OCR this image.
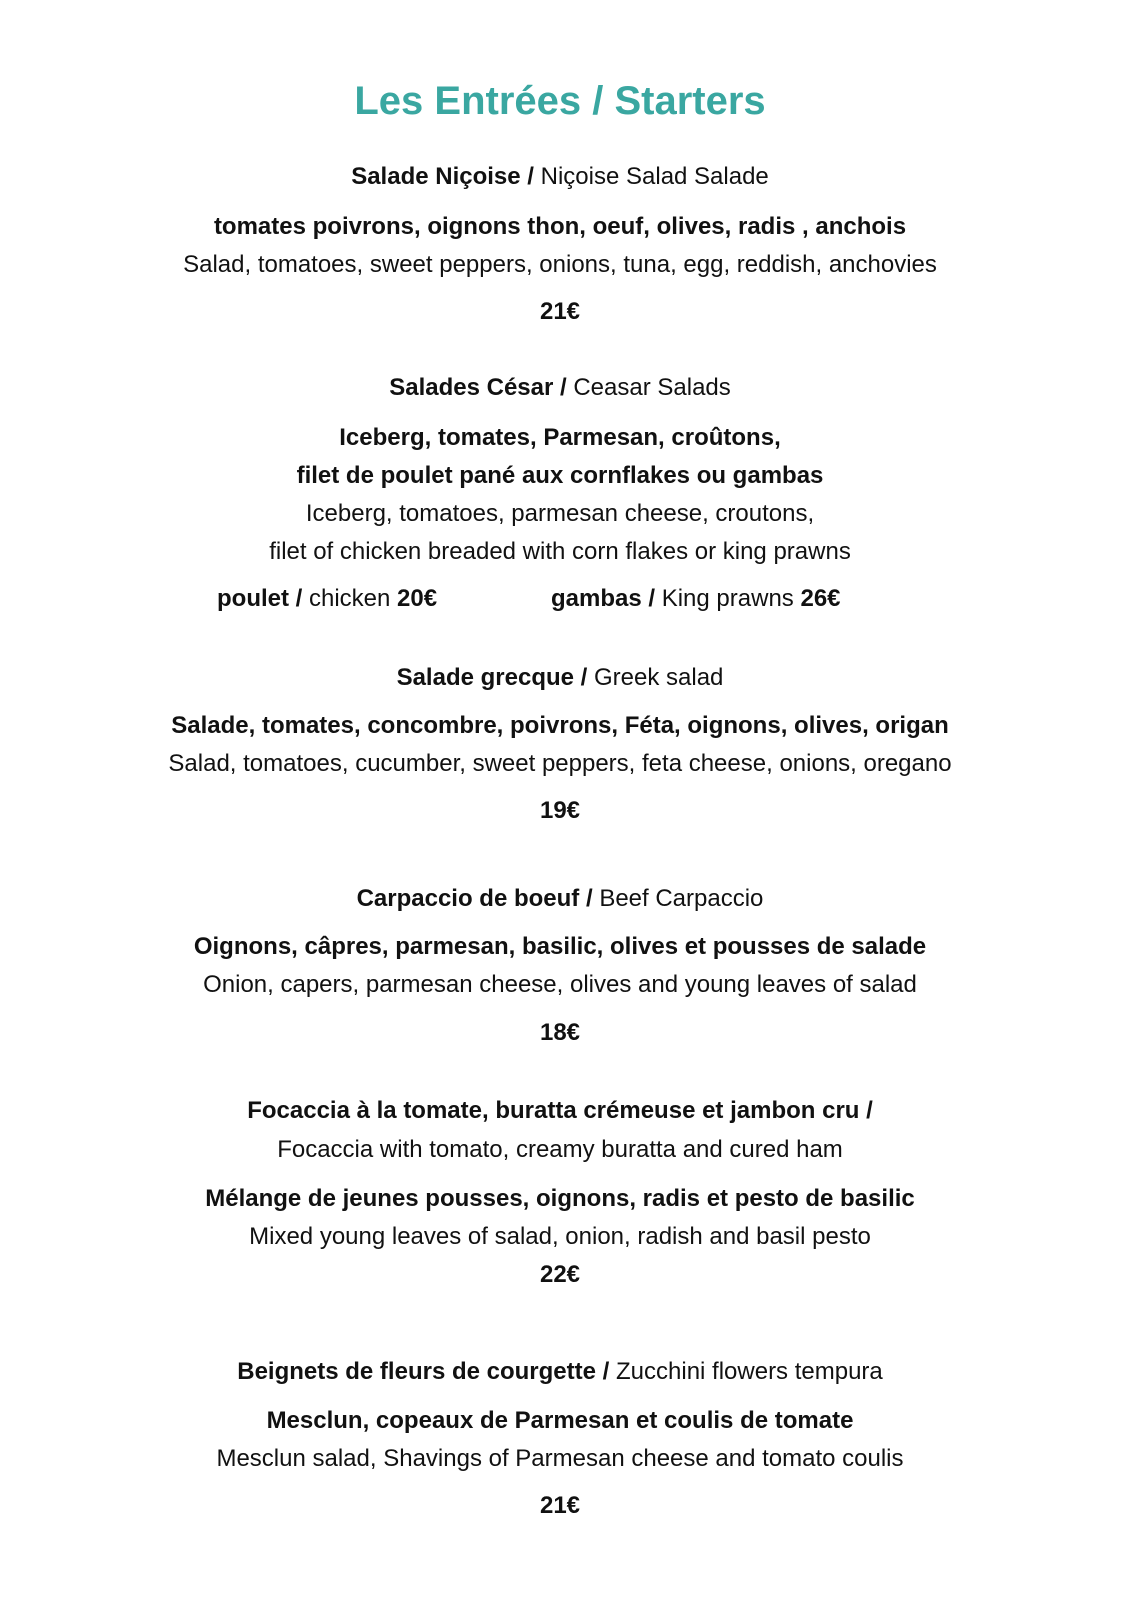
Les Entrées / Starters
Salade Niçoise / Niçoise Salad Salade
tomates poivrons, oignons thon, oeuf, olives, radis , anchois
Salad, tomatoes, sweet peppers, onions, tuna, egg, reddish, anchovies
21€
Salades César / Ceasar Salads
Iceberg, tomates, Parmesan, croûtons,
filet de poulet pané aux cornflakes ou gambas
Iceberg, tomatoes, parmesan cheese, croutons,
filet of chicken breaded with corn flakes or king prawns
poulet / chicken 20€	gambas / King prawns 26€
Salade grecque / Greek salad
Salade, tomates, concombre, poivrons, Féta, oignons, olives, origan
Salad, tomatoes, cucumber, sweet peppers, feta cheese, onions, oregano
19€
Carpaccio de boeuf / Beef Carpaccio
Oignons, câpres, parmesan, basilic, olives et pousses de salade
Onion, capers, parmesan cheese, olives and young leaves of salad
18€
Focaccia à la tomate, buratta crémeuse et jambon cru /
Focaccia with tomato, creamy buratta and cured ham
Mélange de jeunes pousses, oignons, radis et pesto de basilic
Mixed young leaves of salad, onion, radish and basil pesto
22€
Beignets de fleurs de courgette / Zucchini flowers tempura
Mesclun, copeaux de Parmesan et coulis de tomate
Mesclun salad, Shavings of Parmesan cheese and tomato coulis
21€
